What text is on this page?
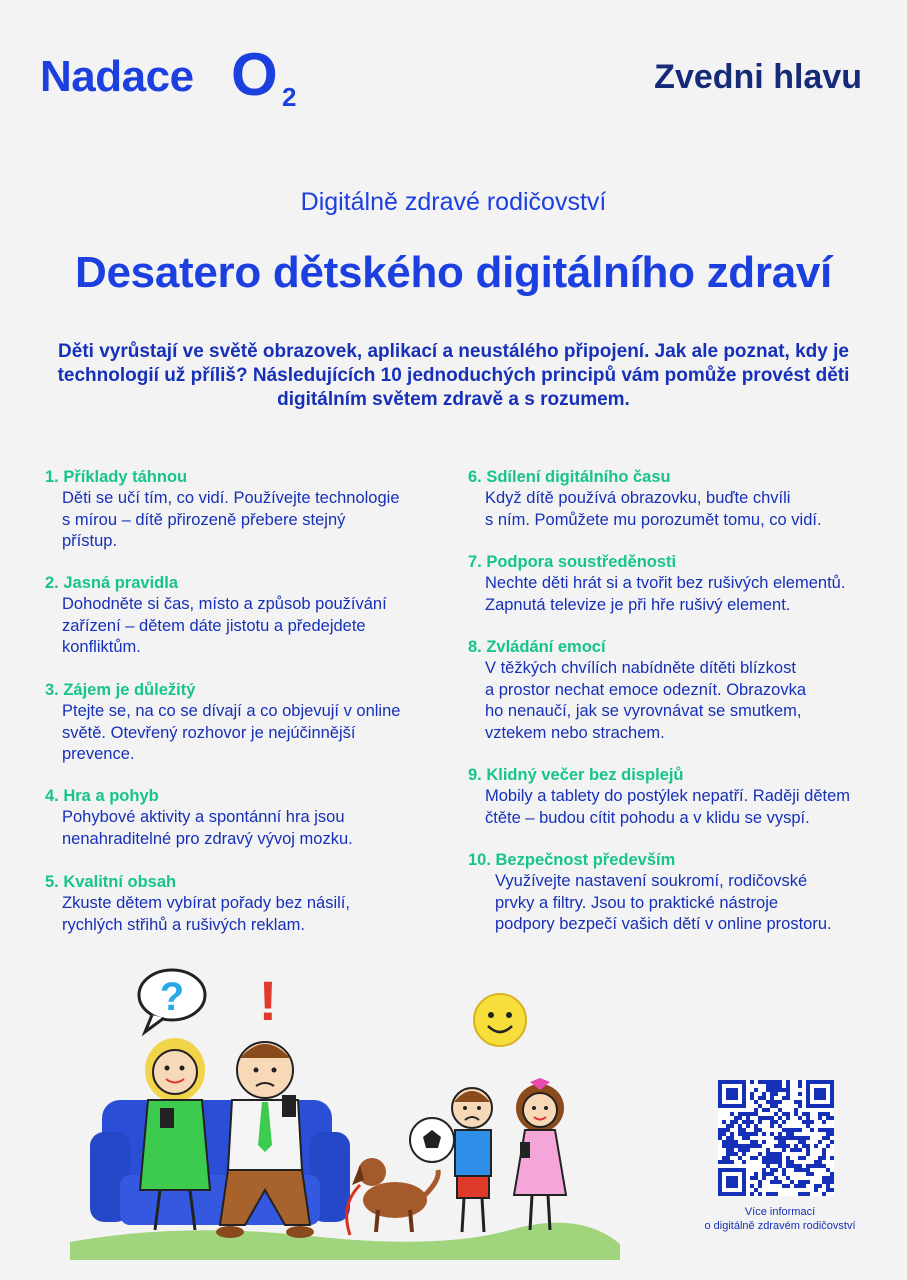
Nadace O 2
Zvedni hlavu
Digitálně zdravé rodičovství
Desatero dětského digitálního zdraví
Děti vyrůstají ve světě obrazovek, aplikací a neustálého připojení. Jak ale poznat, kdy je technologií už příliš? Následujících 10 jednoduchých principů vám pomůže provést děti digitálním světem zdravě a s rozumem.
1. Příklady táhnou
Děti se učí tím, co vidí. Používejte technologie
s mírou – dítě přirozeně přebere stejný
přístup.
2. Jasná pravidla
Dohodněte si čas, místo a způsob používání
zařízení – dětem dáte jistotu a předejdete
konfliktům.
3. Zájem je důležitý
Ptejte se, na co se dívají a co objevují v online
světě. Otevřený rozhovor je nejúčinnější
prevence.
4. Hra a pohyb
Pohybové aktivity a spontánní hra jsou
nenahraditelné pro zdravý vývoj mozku.
5. Kvalitní obsah
Zkuste dětem vybírat pořady bez násilí,
rychlých střihů a rušivých reklam.
6. Sdílení digitálního času
Když dítě používá obrazovku, buďte chvíli
s ním. Pomůžete mu porozumět tomu, co vidí.
7. Podpora soustředěnosti
Nechte děti hrát si a tvořit bez rušivých elementů.
Zapnutá televize je při hře rušivý element.
8. Zvládání emocí
V těžkých chvílích nabídněte dítěti blízkost
a prostor nechat emoce odeznít. Obrazovka
ho nenaučí, jak se vyrovnávat se smutkem,
vztekem nebo strachem.
9. Klidný večer bez displejů
Mobily a tablety do postýlek nepatří. Raději dětem
čtěte – budou cítit pohodu a v klidu se vyspí.
10. Bezpečnost především
Využívejte nastavení soukromí, rodičovské
prvky a filtry. Jsou to praktické nástroje
podpory bezpečí vašich dětí v online prostoru.
? !
Více informací
o digitálně zdravém rodičovství
